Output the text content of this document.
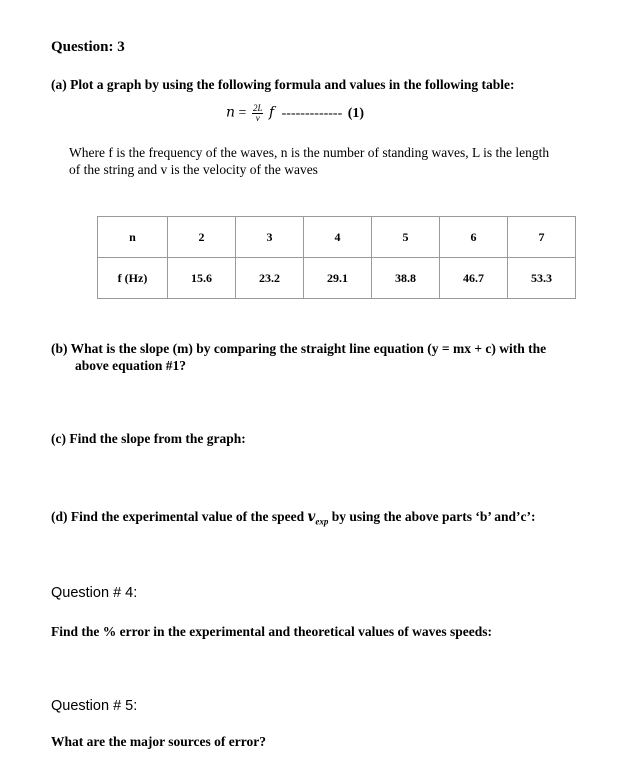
Question: 3
(a) Plot a graph by using the following formula and values in the following table:
$n = \frac{2L}{v}$ f ------------- (1)
Where f is the frequency of the waves, n is the number of standing waves, L is the length
of the string and v is the velocity of the waves
n	2	3	4	5	6	7
f (Hz)	15.6	23.2	29.1	38.8	46.7	53.3
(b) What is the slope (m) by comparing the straight line equation (y = mx + c) with the
above equation #1?
(c) Find the slope from the graph:
(d) Find the experimental value of the speed $v_{exp}$ by using the above parts ‘b’ and’c’:
Question # 4:
Find the % error in the experimental and theoretical values of waves speeds:
Question # 5:
What are the major sources of error?
